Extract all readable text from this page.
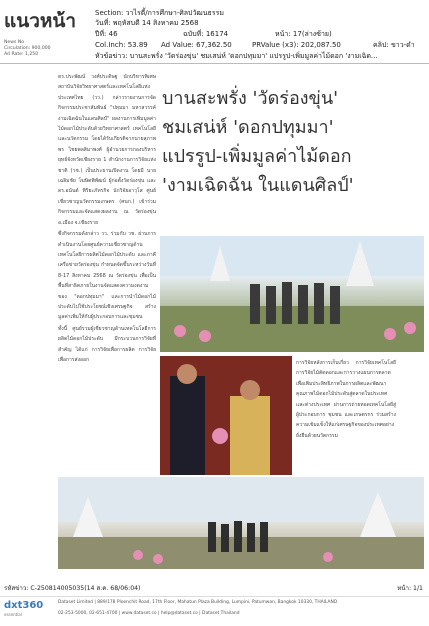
แนวหน้า
News No
Circulation: 900,000
Ad Rate: 1,250
Section: วาไรตี้/การศึกษา-ศิลปวัฒนธรรม
วันที่: พฤหัสบดี 14 สิงหาคม 2568
ปีที่: 46	ฉบับที่: 16174	หน้า: 17(ล่างซ้าย)
Col.Inch: 53.89 Ad Value: 67,362.50	PRValue (x3): 202,087.50	คลิป: ขาว-ดำ
หัวข้อข่าว: บานสะพรั่ง 'วัดร่องขุ่น' ชมเสน่ห์ 'ดอกปทุมมา' แปรรูป-เพิ่มมูลค่าไม้ดอก 'งามเฉิด...

ดร.ประพัฒน์ วงศ์ประดิษฐ นักบริหารพิเศษ สถาบันวิจัยวิทยาศาสตร์และเทคโนโลยีแห่งประเทศไทย (วว.) กล่าวรายงานการจัดกิจกรรมประชาสัมพันธ์ "ปทุมมา มหาสวรรค์ งามเฉิดฉันในแดนศิลป์" ผลงานการเพิ่มมูลค่าไม้ดอกไม้ประดับด้วยวิทยาศาสตร์ เทคโนโลยีและนวัตกรรม โดยได้รับเกียรติจากนายสุภาพพร ไชยพลสิมาพงศ์ ผู้อำนวยการกองบริหารยุทธ์จังหวัดเชียงราย 1 สำนักงานการวิจัยแห่งชาติ (วช.) เป็นประธานเปิดงาน โดยมี นายเฉลิมชัย โฆษิตพิพัฒน์ ผู้ก่อตั้งวัดร่องขุ่น และ ดร.อนันต์ พิริยะภัทรกิจ นักวิจัยอาวุโส ศูนย์เชี่ยวชาญนวัตกรรมเกษตร (ศนก.) เข้าร่วมกิจกรรมและจัดแสดงผลงาน ณ วัดร่องขุ่น อ.เมือง จ.เชียงราย

ซึ่งกิจกรรมดังกล่าว วว. ร่วมกับ วช. ผ่านการดำเนินงานโดยศูนย์ความเชี่ยวชาญด้านเทคโนโลยีการผลิตไม้ดอกไม้ประดับ และภาคีเครือข่ายวัดร่องขุ่น กำหนดจัดขึ้นระหว่างวันที่ 8-17 สิงหาคม 2568 ณ วัดร่องขุ่น เพื่อเป็นพื้นที่สาธิตภายในงานจัดแสดงความงดงามของ "ดอกปทุมมา" และการนำไม้ดอกไม้ประดับไปใช้ประโยชน์เชิงเศรษฐกิจ สร้างมูลค่าเพิ่มให้กับผู้ประกอบการและชุมชน

ทั้งนี้ ศูนย์รวมผู้เชี่ยวชาญด้านเทคโนโลยีการผลิตไม้ดอกไม้ประดับ มีกระบวนการวิจัยที่สำคัญ ได้แก่ การวิจัยเพื่อการผลิต การวิจัยเพื่อการส่งออก

บานสะพรั่ง 'วัดร่องขุ่น'
ชมเสน่ห์ 'ดอกปทุมมา'
แปรรูป-เพิ่มมูลค่าไม้ดอก
'งามเฉิดฉัน ในแดนศิลป์'

การวิจัยหลังการเก็บเกี่ยว การวิจัยเทคโนโลยี การวิจัยไม้ตัดดอกและการวางแผนการตลาด เพื่อเพิ่มประสิทธิภาพในการผลิตและพัฒนาคุณภาพไม้ดอกไม้ประดับสู่ตลาดในประเทศและต่างประเทศ ผ่านการถ่ายทอดเทคโนโลยีสู่ผู้ประกอบการ ชุมชน และเกษตรกร ร่วมสร้างความเข้มแข็งให้แก่เศรษฐกิจของประเทศอย่างยั่งยืนด้วยนวัตกรรม

รหัสข่าว: C-250814005035(14 ส.ค. 68/06:04)	หน้า: 1/1
dxt360
essential
Dataset Limited | 889/178 Ploenchit Road, 17th Floor, Mahatun Plaza Building, Lumpini, Patumwan, Bangkok 10330, THAILAND
02-253-5000, 02-651-4700 | www.dataset.co | help@dataset.co | Dataset Thailand
